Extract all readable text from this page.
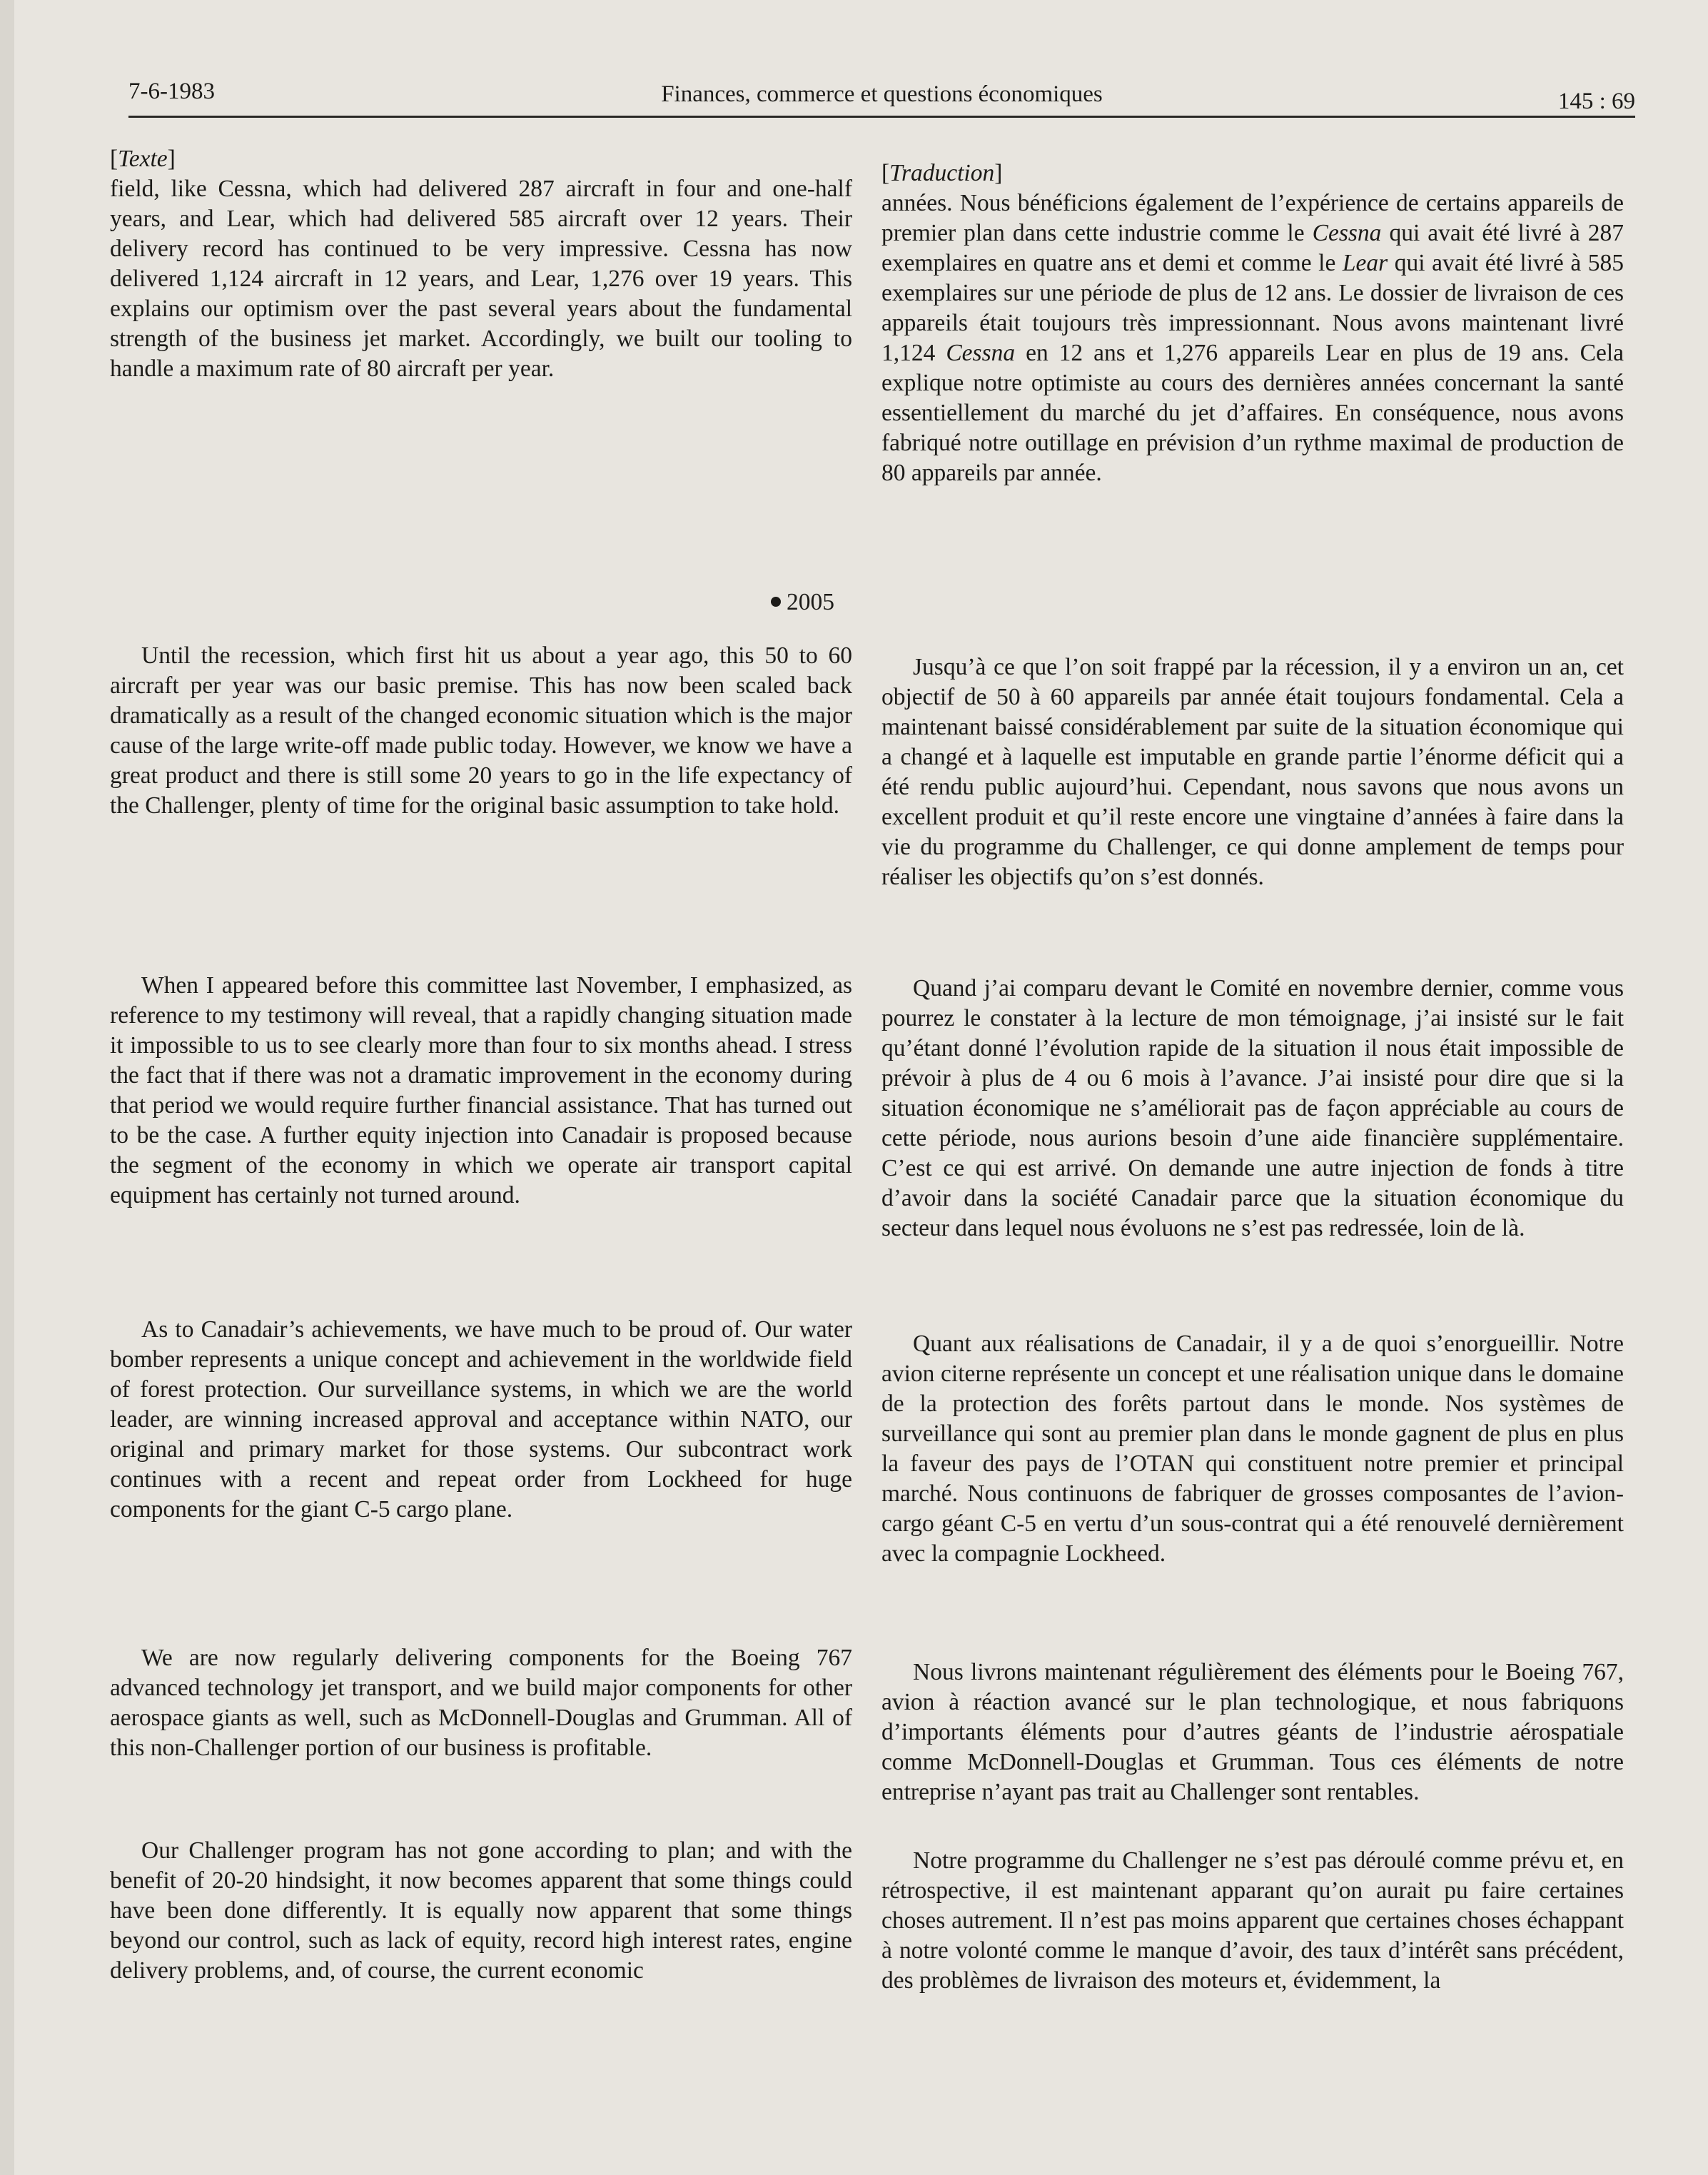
7-6-1983	Finances, commerce et questions économiques	145 : 69

[Texte]

field, like Cessna, which had delivered 287 aircraft in four and one-half years, and Lear, which had delivered 585 aircraft over 12 years. Their delivery record has continued to be very impressive. Cessna has now delivered 1,124 aircraft in 12 years, and Lear, 1,276 over 19 years. This explains our optimism over the past several years about the fundamental strength of the business jet market. Accordingly, we built our tooling to handle a maximum rate of 80 aircraft per year.

2005

Until the recession, which first hit us about a year ago, this 50 to 60 aircraft per year was our basic premise. This has now been scaled back dramatically as a result of the changed economic situation which is the major cause of the large write-off made public today. However, we know we have a great product and there is still some 20 years to go in the life expectancy of the Challenger, plenty of time for the original basic assumption to take hold.

When I appeared before this committee last November, I emphasized, as reference to my testimony will reveal, that a rapidly changing situation made it impossible to us to see clearly more than four to six months ahead. I stress the fact that if there was not a dramatic improvement in the economy during that period we would require further financial assistance. That has turned out to be the case. A further equity injection into Canadair is proposed because the segment of the economy in which we operate air transport capital equipment has certainly not turned around.

As to Canadair’s achievements, we have much to be proud of. Our water bomber represents a unique concept and achievement in the worldwide field of forest protection. Our surveillance systems, in which we are the world leader, are winning increased approval and acceptance within NATO, our original and primary market for those systems. Our subcontract work continues with a recent and repeat order from Lockheed for huge components for the giant C-5 cargo plane.

We are now regularly delivering components for the Boeing 767 advanced technology jet transport, and we build major components for other aerospace giants as well, such as McDonnell-Douglas and Grumman. All of this non-Challenger portion of our business is profitable.

Our Challenger program has not gone according to plan; and with the benefit of 20-20 hindsight, it now becomes apparent that some things could have been done differently. It is equally now apparent that some things beyond our control, such as lack of equity, record high interest rates, engine delivery problems, and, of course, the current economic

[Traduction]

années. Nous bénéficions également de l’expérience de certains appareils de premier plan dans cette industrie comme le Cessna qui avait été livré à 287 exemplaires en quatre ans et demi et comme le Lear qui avait été livré à 585 exemplaires sur une période de plus de 12 ans. Le dossier de livraison de ces appareils était toujours très impressionnant. Nous avons maintenant livré 1,124 Cessna en 12 ans et 1,276 appareils Lear en plus de 19 ans. Cela explique notre optimiste au cours des dernières années concernant la santé essentiellement du marché du jet d’affaires. En conséquence, nous avons fabriqué notre outillage en prévision d’un rythme maximal de production de 80 appareils par année.

Jusqu’à ce que l’on soit frappé par la récession, il y a environ un an, cet objectif de 50 à 60 appareils par année était toujours fondamental. Cela a maintenant baissé considérablement par suite de la situation économique qui a changé et à laquelle est imputable en grande partie l’énorme déficit qui a été rendu public aujourd’hui. Cependant, nous savons que nous avons un excellent produit et qu’il reste encore une vingtaine d’années à faire dans la vie du programme du Challenger, ce qui donne amplement de temps pour réaliser les objectifs qu’on s’est donnés.

Quand j’ai comparu devant le Comité en novembre dernier, comme vous pourrez le constater à la lecture de mon témoignage, j’ai insisté sur le fait qu’étant donné l’évolution rapide de la situation il nous était impossible de prévoir à plus de 4 ou 6 mois à l’avance. J’ai insisté pour dire que si la situation économique ne s’améliorait pas de façon appréciable au cours de cette période, nous aurions besoin d’une aide financière supplémentaire. C’est ce qui est arrivé. On demande une autre injection de fonds à titre d’avoir dans la société Canadair parce que la situation économique du secteur dans lequel nous évoluons ne s’est pas redressée, loin de là.

Quant aux réalisations de Canadair, il y a de quoi s’enorgueillir. Notre avion citerne représente un concept et une réalisation unique dans le domaine de la protection des forêts partout dans le monde. Nos systèmes de surveillance qui sont au premier plan dans le monde gagnent de plus en plus la faveur des pays de l’OTAN qui constituent notre premier et principal marché. Nous continuons de fabriquer de grosses composantes de l’avion-cargo géant C-5 en vertu d’un sous-contrat qui a été renouvelé dernièrement avec la compagnie Lockheed.

Nous livrons maintenant régulièrement des éléments pour le Boeing 767, avion à réaction avancé sur le plan technologique, et nous fabriquons d’importants éléments pour d’autres géants de l’industrie aérospatiale comme McDonnell-Douglas et Grumman. Tous ces éléments de notre entreprise n’ayant pas trait au Challenger sont rentables.

Notre programme du Challenger ne s’est pas déroulé comme prévu et, en rétrospective, il est maintenant apparant qu’on aurait pu faire certaines choses autrement. Il n’est pas moins apparent que certaines choses échappant à notre volonté comme le manque d’avoir, des taux d’intérêt sans précédent, des problèmes de livraison des moteurs et, évidemment, la
